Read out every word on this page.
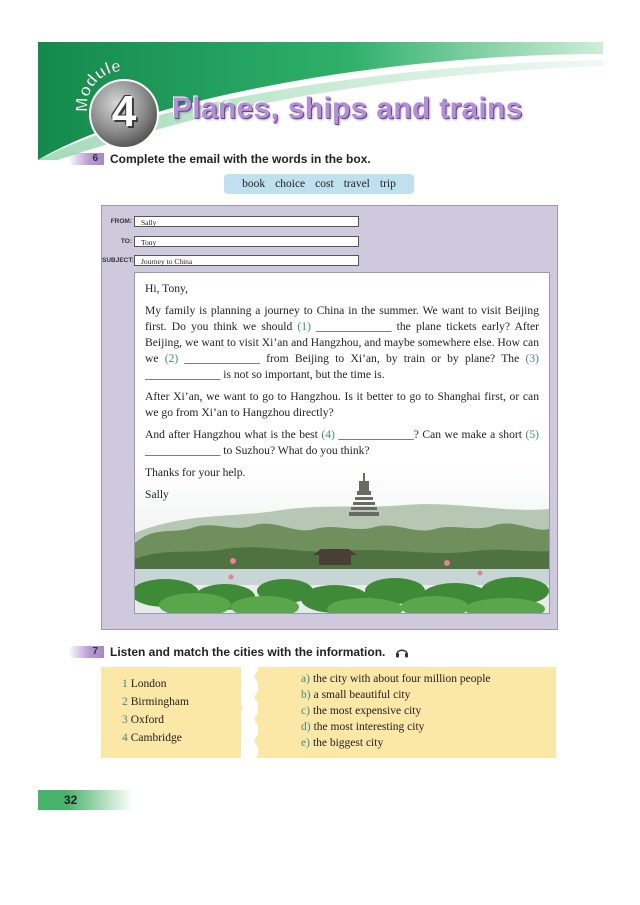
Module
4	Planes, ships and trains
6	Complete the email with the words in the box.
book choice cost travel trip
FROM:	Sally
TO:	Tony
SUBJECT: Journey to China

Hi, Tony,

My family is planning a journey to China in the summer. We want to visit Beijing first. Do you think we should (1) _____________ the plane tickets early? After Beijing, we want to visit Xi’an and Hangzhou, and maybe somewhere else. How can we (2) _____________ from Beijing to Xi’an, by train or by plane? The (3) _____________ is not so important, but the time is.

After Xi’an, we want to go to Hangzhou. Is it better to go to Shanghai first, or can we go from Xi’an to Hangzhou directly?

And after Hangzhou what is the best (4) _____________? Can we make a short (5) _____________ to Suzhou? What do you think?

Thanks for your help.

Sally

7	Listen and match the cities with the information.
1 London
2 Birmingham
3 Oxford
4 Cambridge
a) the city with about four million people
b) a small beautiful city
c) the most expensive city
d) the most interesting city
e) the biggest city
32
